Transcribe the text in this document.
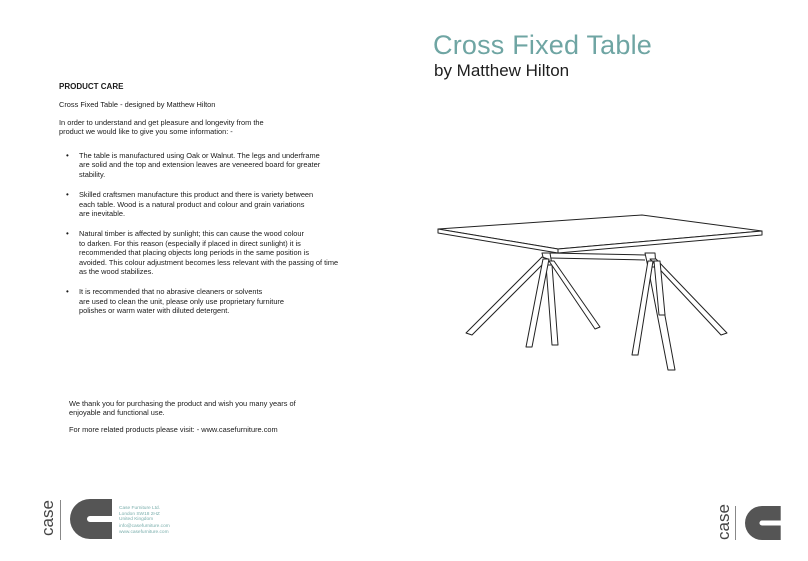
Cross Fixed Table
by Matthew Hilton
PRODUCT CARE
Cross Fixed Table - designed by Matthew Hilton
In order to understand and get pleasure and longevity from the
product we would like to give you some information: -
• The table is manufactured using Oak or Walnut. The legs and underframe
are solid and the top and extension leaves are veneered board for greater
stability.
• Skilled craftsmen manufacture this product and there is variety between
each table. Wood is a natural product and colour and grain variations
are inevitable.
• Natural timber is affected by sunlight; this can cause the wood colour
to darken. For this reason (especially if placed in direct sunlight) it is
recommended that placing objects long periods in the same position is
avoided. This colour adjustment becomes less relevant with the passing of time
as the wood stabilizes.
• It is recommended that no abrasive cleaners or solvents
are used to clean the unit, please only use proprietary furniture
polishes or warm water with diluted detergent.
We thank you for purchasing the product and wish you many years of
enjoyable and functional use.
For more related products please visit: - www.casefurniture.com
case	Case Furniture Ltd.
London SW18 2HZ
United Kingdom
info@casefurniture.com
www.casefurniture.com	case
